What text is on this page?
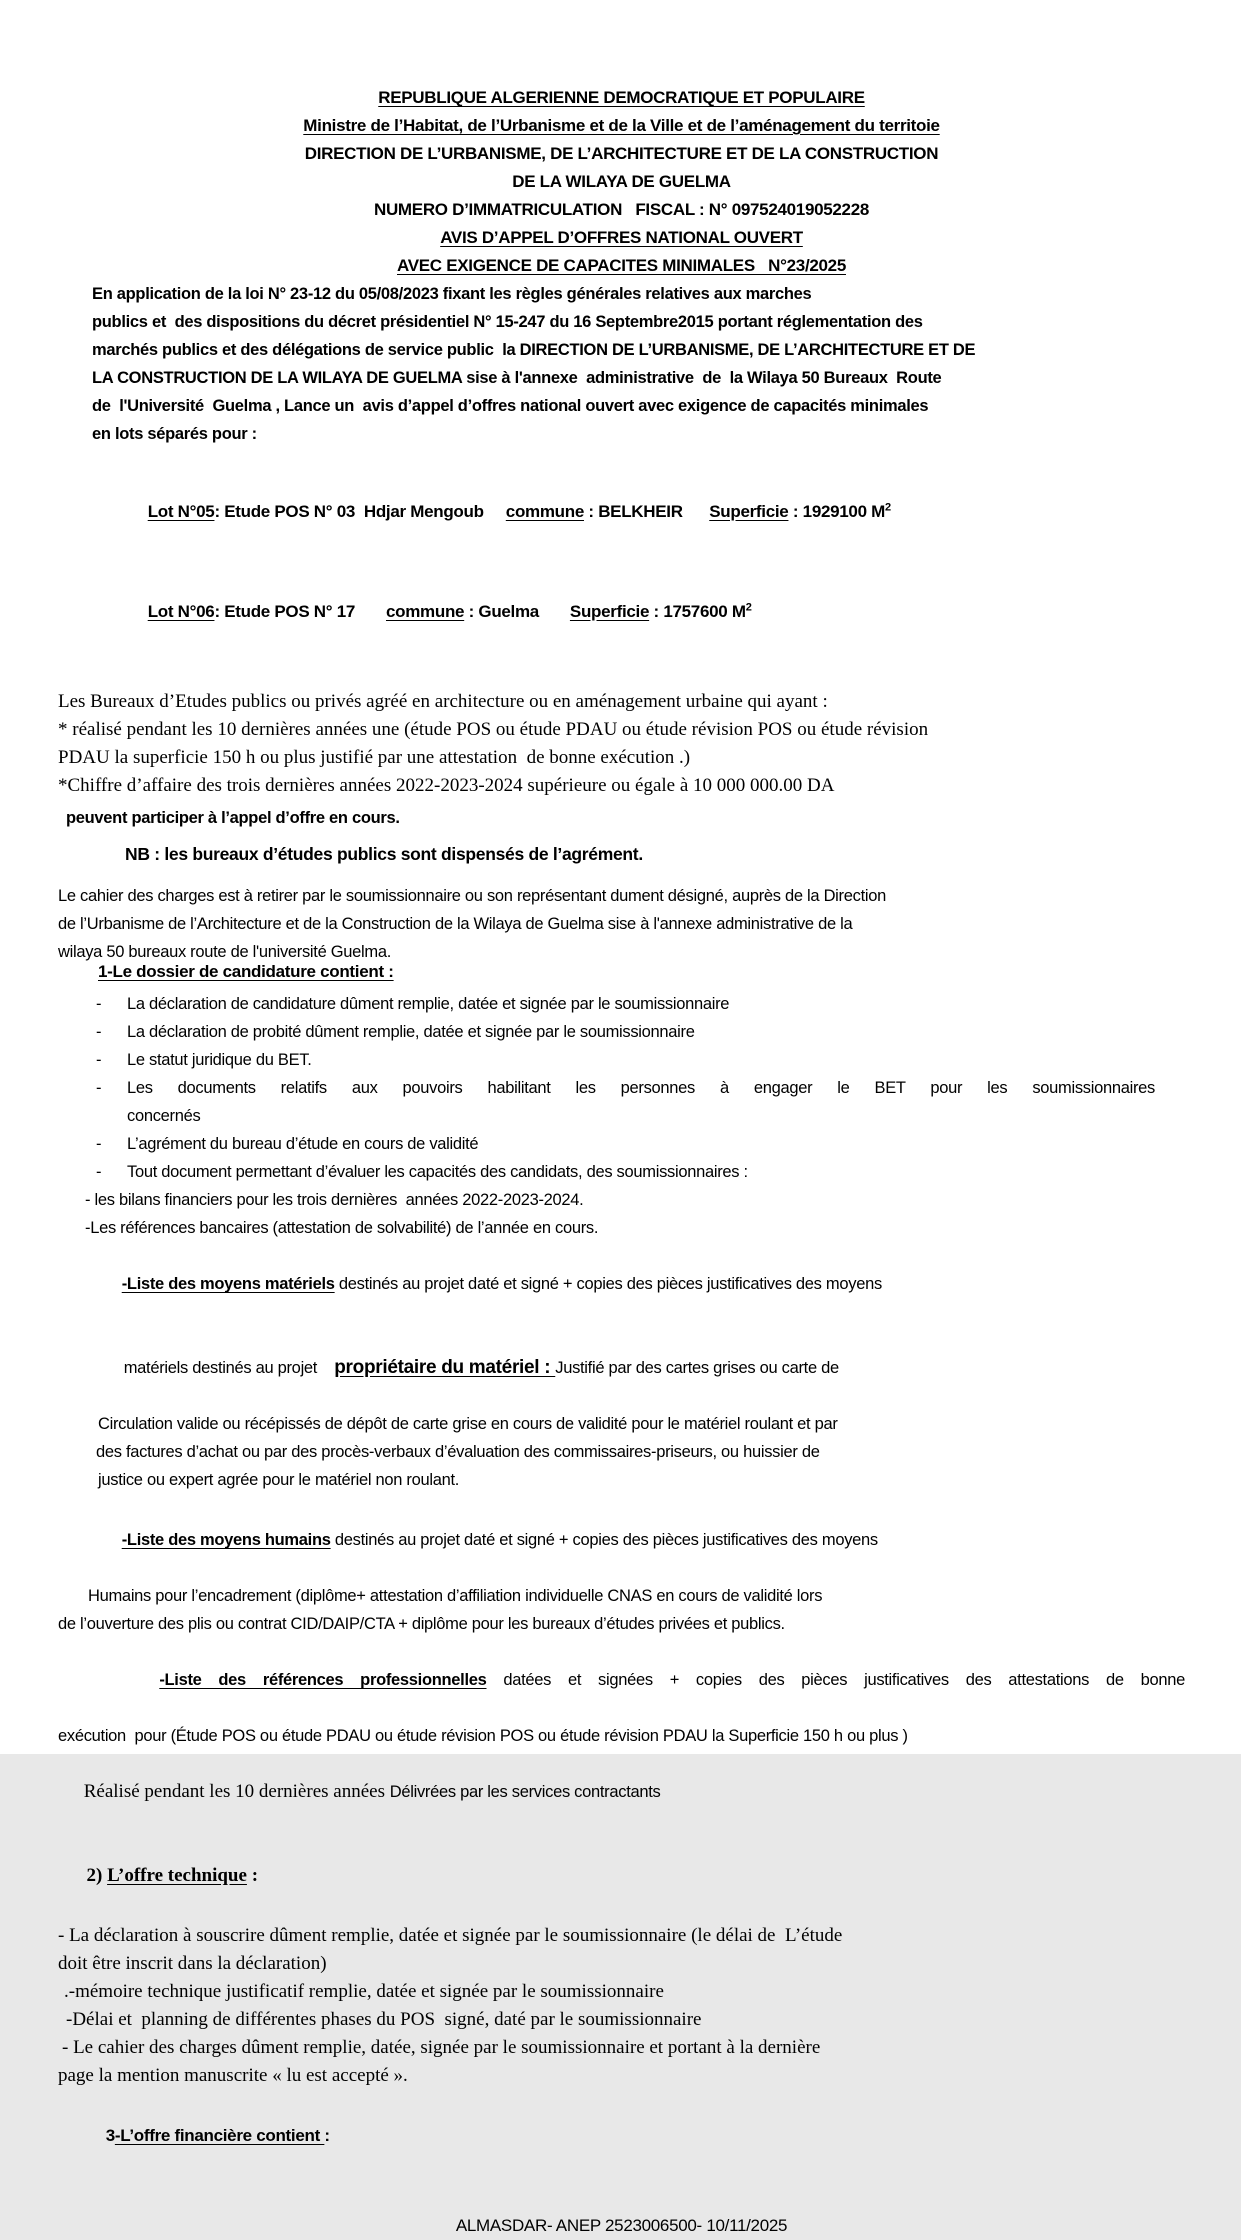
REPUBLIQUE ALGERIENNE DEMOCRATIQUE ET POPULAIRE
Ministre de l’Habitat, de l’Urbanisme et de la Ville et de l’aménagement du territoie
DIRECTION DE L’URBANISME, DE L’ARCHITECTURE ET DE LA CONSTRUCTION
DE LA WILAYA DE GUELMA
NUMERO D’IMMATRICULATION   FISCAL : N° 097524019052228
AVIS D’APPEL D’OFFRES NATIONAL OUVERT
AVEC EXIGENCE DE CAPACITES MINIMALES   N°23/2025
En application de la loi N° 23-12 du 05/08/2023 fixant les règles générales relatives aux marches
publics et  des dispositions du décret présidentiel N° 15-247 du 16 Septembre2015 portant réglementation des
marchés publics et des délégations de service public  la DIRECTION DE L’URBANISME, DE L’ARCHITECTURE ET DE
LA CONSTRUCTION DE LA WILAYA DE GUELMA sise à l'annexe  administrative  de  la Wilaya 50 Bureaux  Route
de  l'Université  Guelma , Lance un  avis d’appel d’offres national ouvert avec exigence de capacités minimales
en lots séparés pour :

Lot N°05: Etude POS N° 03  Hdjar Mengoub     commune : BELKHEIR      Superficie : 1929100 $M^2$

Lot N°06: Etude POS N° 17       commune : Guelma       Superficie : 1757600 $M^2$

Les Bureaux d’Etudes publics ou privés agréé en architecture ou en aménagement urbaine qui ayant :
* réalisé pendant les 10 dernières années une (étude POS ou étude PDAU ou étude révision POS ou étude révision
PDAU la superficie 150 h ou plus justifié par une attestation  de bonne exécution .)
*Chiffre d’affaire des trois dernières années 2022-2023-2024 supérieure ou égale à 10 000 000.00 DA
peuvent participer à l’appel d’offre en cours.
NB : les bureaux d’études publics sont dispensés de l’agrément.
Le cahier des charges est à retirer par le soumissionnaire ou son représentant dument désigné, auprès de la Direction
de l’Urbanisme de l’Architecture et de la Construction de la Wilaya de Guelma sise à l'annexe administrative de la
wilaya 50 bureaux route de l'université Guelma.
1-Le dossier de candidature contient :
- La déclaration de candidature dûment remplie, datée et signée par le soumissionnaire
- La déclaration de probité dûment remplie, datée et signée par le soumissionnaire
- Le statut juridique du BET.
- Les documents relatifs aux pouvoirs habilitant les personnes à engager le BET pour les soumissionnaires
concernés
- L’agrément du bureau d’étude en cours de validité
- Tout document permettant d’évaluer les capacités des candidats, des soumissionnaires :
- les bilans financiers pour les trois dernières  années 2022-2023-2024.
-Les références bancaires (attestation de solvabilité) de l’année en cours.

-Liste des moyens matériels destinés au projet daté et signé + copies des pièces justificatives des moyens

matériels destinés au projet    propriétaire du matériel : Justifié par des cartes grises ou carte de

Circulation valide ou récépissés de dépôt de carte grise en cours de validité pour le matériel roulant et par
des factures d’achat ou par des procès-verbaux d’évaluation des commissaires-priseurs, ou huissier de
justice ou expert agrée pour le matériel non roulant.

-Liste des moyens humains destinés au projet daté et signé + copies des pièces justificatives des moyens

Humains pour l’encadrement (diplôme+ attestation d’affiliation individuelle CNAS en cours de validité lors
de l’ouverture des plis ou contrat CID/DAIP/CTA + diplôme pour les bureaux d’études privées et publics.

-Liste des références professionnelles datées et signées + copies des pièces justificatives des attestations de bonne

exécution  pour (Étude POS ou étude PDAU ou étude révision POS ou étude révision PDAU la Superficie 150 h ou plus )

Réalisé pendant les 10 dernières années Délivrées par les services contractants

2) L’offre technique :

- La déclaration à souscrire dûment remplie, datée et signée par le soumissionnaire (le délai de  L’étude
doit être inscrit dans la déclaration)
.-mémoire technique justificatif remplie, datée et signée par le soumissionnaire
-Délai et  planning de différentes phases du POS  signé, daté par le soumissionnaire
- Le cahier des charges dûment remplie, datée, signée par le soumissionnaire et portant à la dernière
page la mention manuscrite « lu est accepté ».

3-L’offre financière contient :

ALMASDAR- ANEP 2523006500- 10/11/2025
